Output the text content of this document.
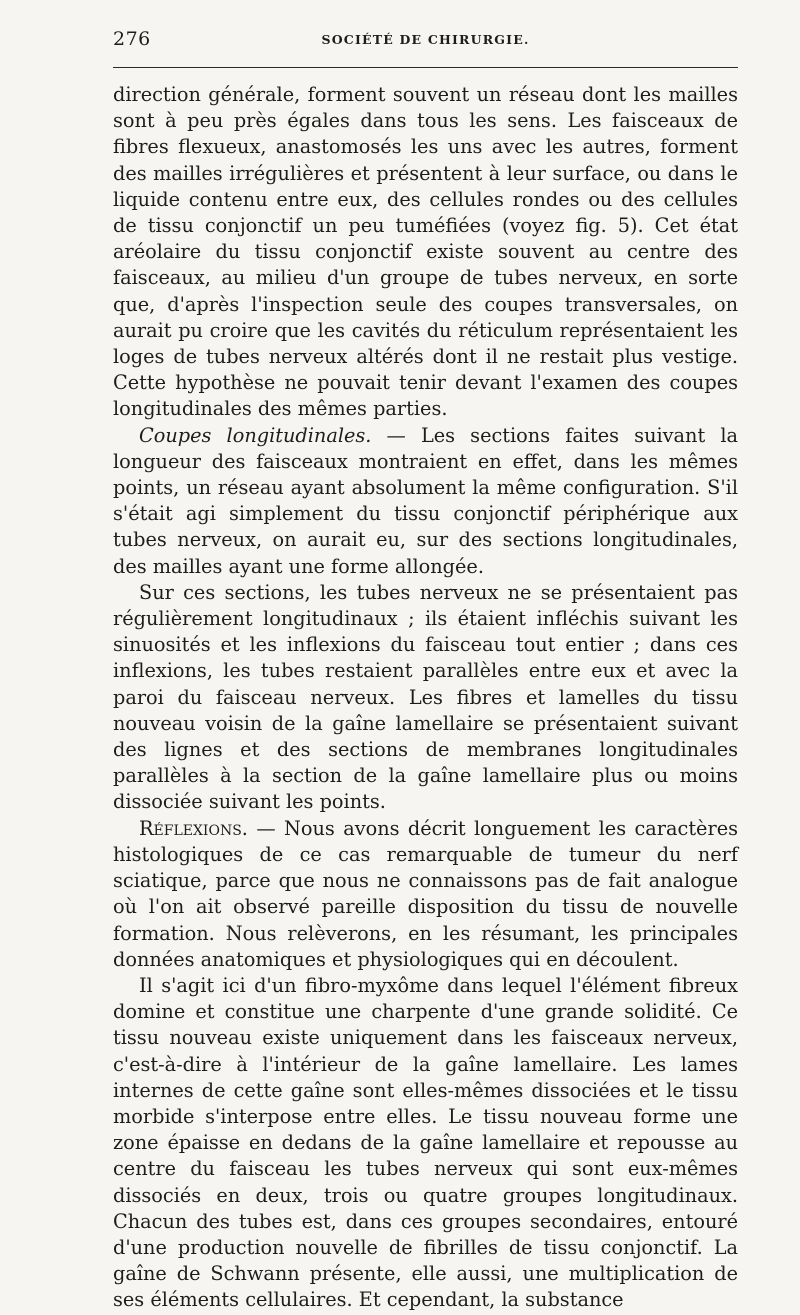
276	SOCIÉTÉ DE CHIRURGIE.

direction générale, forment souvent un réseau dont les mailles sont à peu près égales dans tous les sens. Les faisceaux de fibres flexueux, anastomosés les uns avec les autres, forment des mailles irrégulières et présentent à leur surface, ou dans le liquide contenu entre eux, des cellules rondes ou des cellules de tissu conjonctif un peu tuméfiées (voyez fig. 5). Cet état aréolaire du tissu conjonctif existe souvent au centre des faisceaux, au milieu d'un groupe de tubes nerveux, en sorte que, d'après l'inspection seule des coupes transversales, on aurait pu croire que les cavités du réticulum représentaient les loges de tubes nerveux altérés dont il ne restait plus vestige. Cette hypothèse ne pouvait tenir devant l'examen des coupes longitudinales des mêmes parties.

Coupes longitudinales. — Les sections faites suivant la longueur des faisceaux montraient en effet, dans les mêmes points, un réseau ayant absolument la même configuration. S'il s'était agi simplement du tissu conjonctif périphérique aux tubes nerveux, on aurait eu, sur des sections longitudinales, des mailles ayant une forme allongée.

Sur ces sections, les tubes nerveux ne se présentaient pas régulièrement longitudinaux ; ils étaient infléchis suivant les sinuosités et les inflexions du faisceau tout entier ; dans ces inflexions, les tubes restaient parallèles entre eux et avec la paroi du faisceau nerveux. Les fibres et lamelles du tissu nouveau voisin de la gaîne lamellaire se présentaient suivant des lignes et des sections de membranes longitudinales parallèles à la section de la gaîne lamellaire plus ou moins dissociée suivant les points.

Réflexions. — Nous avons décrit longuement les caractères histologiques de ce cas remarquable de tumeur du nerf sciatique, parce que nous ne connaissons pas de fait analogue où l'on ait observé pareille disposition du tissu de nouvelle formation. Nous relèverons, en les résumant, les principales données anatomiques et physiologiques qui en découlent.

Il s'agit ici d'un fibro-myxôme dans lequel l'élément fibreux domine et constitue une charpente d'une grande solidité. Ce tissu nouveau existe uniquement dans les faisceaux nerveux, c'est-à-dire à l'intérieur de la gaîne lamellaire. Les lames internes de cette gaîne sont elles-mêmes dissociées et le tissu morbide s'interpose entre elles. Le tissu nouveau forme une zone épaisse en dedans de la gaîne lamellaire et repousse au centre du faisceau les tubes nerveux qui sont eux-mêmes dissociés en deux, trois ou quatre groupes longitudinaux. Chacun des tubes est, dans ces groupes secondaires, entouré d'une production nouvelle de fibrilles de tissu conjonctif. La gaîne de Schwann présente, elle aussi, une multiplication de ses éléments cellulaires. Et cependant, la substance
